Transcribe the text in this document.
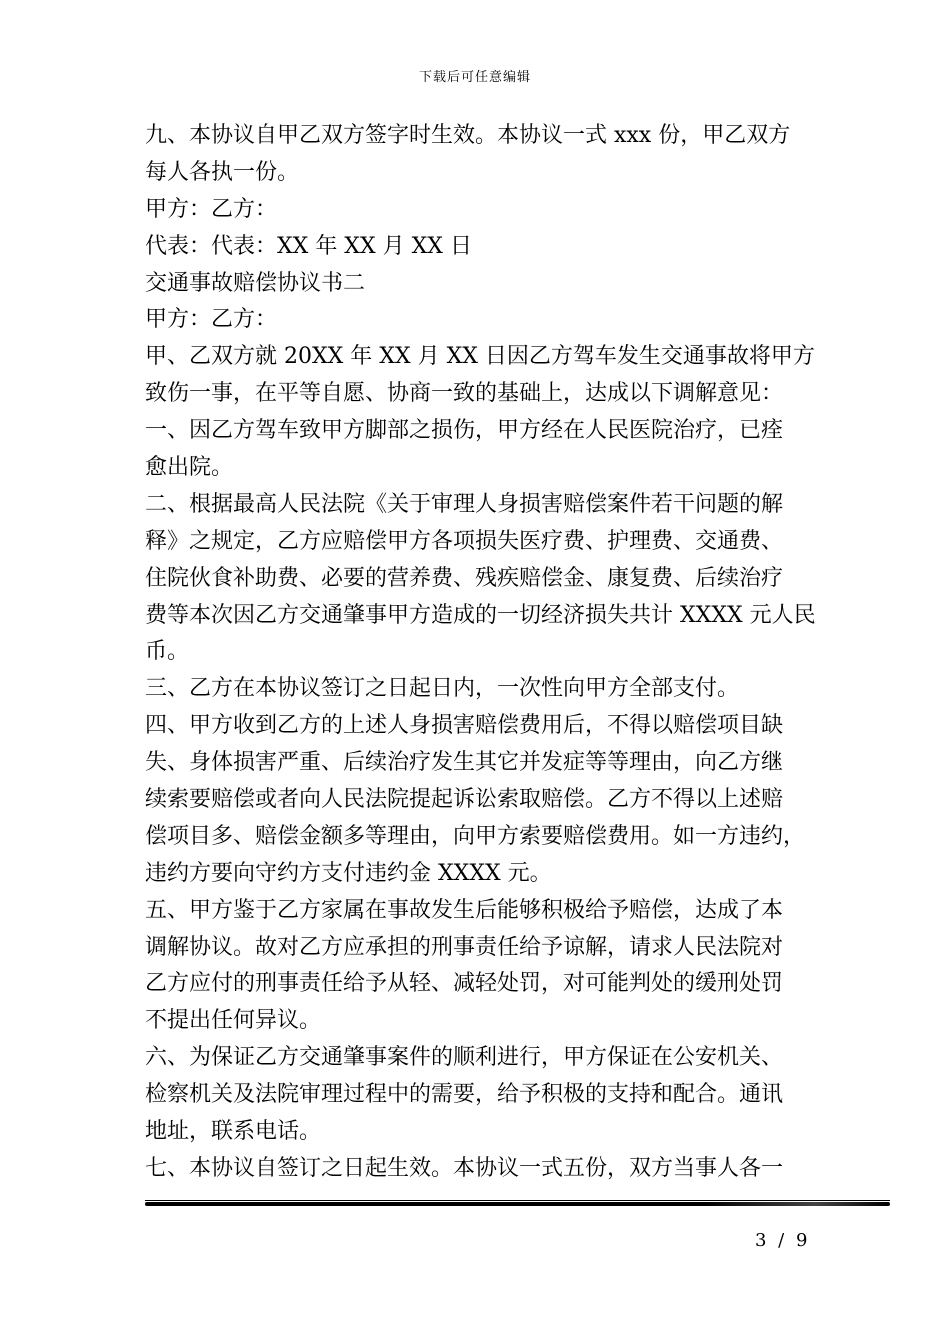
下载后可任意编辑
九、本协议自甲乙双方签字时生效。本协议一式 xxx 份，甲乙双方
每人各执一份。
甲方：乙方：
代表：代表：XX 年 XX 月 XX 日
交通事故赔偿协议书二
甲方：乙方：
甲、乙双方就 20XX 年 XX 月 XX 日因乙方驾车发生交通事故将甲方
致伤一事，在平等自愿、协商一致的基础上，达成以下调解意见：
一、因乙方驾车致甲方脚部之损伤，甲方经在人民医院治疗，已痊
愈出院。
二、根据最高人民法院《关于审理人身损害赔偿案件若干问题的解
释》之规定，乙方应赔偿甲方各项损失医疗费、护理费、交通费、
住院伙食补助费、必要的营养费、残疾赔偿金、康复费、后续治疗
费等本次因乙方交通肇事甲方造成的一切经济损失共计 XXXX 元人民
币。
三、乙方在本协议签订之日起日内，一次性向甲方全部支付。
四、甲方收到乙方的上述人身损害赔偿费用后，不得以赔偿项目缺
失、身体损害严重、后续治疗发生其它并发症等等理由，向乙方继
续索要赔偿或者向人民法院提起诉讼索取赔偿。乙方不得以上述赔
偿项目多、赔偿金额多等理由，向甲方索要赔偿费用。如一方违约，
违约方要向守约方支付违约金 XXXX 元。
五、甲方鉴于乙方家属在事故发生后能够积极给予赔偿，达成了本
调解协议。故对乙方应承担的刑事责任给予谅解，请求人民法院对
乙方应付的刑事责任给予从轻、减轻处罚，对可能判处的缓刑处罚
不提出任何异议。
六、为保证乙方交通肇事案件的顺利进行，甲方保证在公安机关、
检察机关及法院审理过程中的需要，给予积极的支持和配合。通讯
地址，联系电话。
七、本协议自签订之日起生效。本协议一式五份，双方当事人各一
3 / 9
